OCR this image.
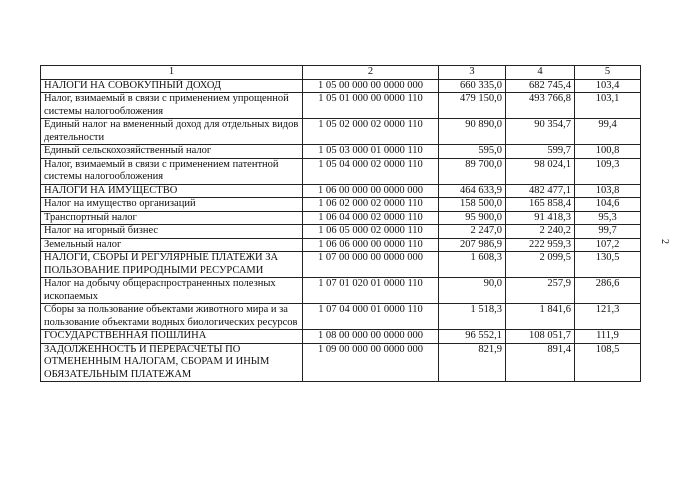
2
1	2	3	4	5
НАЛОГИ НА СОВОКУПНЫЙ ДОХОД	1 05 00 000 00 0000 000	660 335,0	682 745,4	103,4
Налог, взимаемый в связи с применением упрощенной системы налогообложения	1 05 01 000 00 0000 110	479 150,0	493 766,8	103,1
Единый налог на вмененный доход для отдельных видов деятельности	1 05 02 000 02 0000 110	90 890,0	90 354,7	99,4
Единый сельскохозяйственный налог	1 05 03 000 01 0000 110	595,0	599,7	100,8
Налог, взимаемый в связи с применением патентной системы налогообложения	1 05 04 000 02 0000 110	89 700,0	98 024,1	109,3
НАЛОГИ НА ИМУЩЕСТВО	1 06 00 000 00 0000 000	464 633,9	482 477,1	103,8
Налог на имущество организаций	1 06 02 000 02 0000 110	158 500,0	165 858,4	104,6
Транспортный налог	1 06 04 000 02 0000 110	95 900,0	91 418,3	95,3
Налог на игорный бизнес	1 06 05 000 02 0000 110	2 247,0	2 240,2	99,7
Земельный налог	1 06 06 000 00 0000 110	207 986,9	222 959,3	107,2
НАЛОГИ, СБОРЫ И РЕГУЛЯРНЫЕ ПЛАТЕЖИ ЗА ПОЛЬЗОВАНИЕ ПРИРОДНЫМИ РЕСУРСАМИ	1 07 00 000 00 0000 000	1 608,3	2 099,5	130,5
Налог на добычу общераспространенных полезных ископаемых	1 07 01 020 01 0000 110	90,0	257,9	286,6
Сборы за пользование объектами животного мира и за пользование объектами водных биологических ресурсов	1 07 04 000 01 0000 110	1 518,3	1 841,6	121,3
ГОСУДАРСТВЕННАЯ ПОШЛИНА	1 08 00 000 00 0000 000	96 552,1	108 051,7	111,9
ЗАДОЛЖЕННОСТЬ И ПЕРЕРАСЧЕТЫ ПО ОТМЕНЕННЫМ НАЛОГАМ, СБОРАМ И ИНЫМ ОБЯЗАТЕЛЬНЫМ ПЛАТЕЖАМ	1 09 00 000 00 0000 000	821,9	891,4	108,5
